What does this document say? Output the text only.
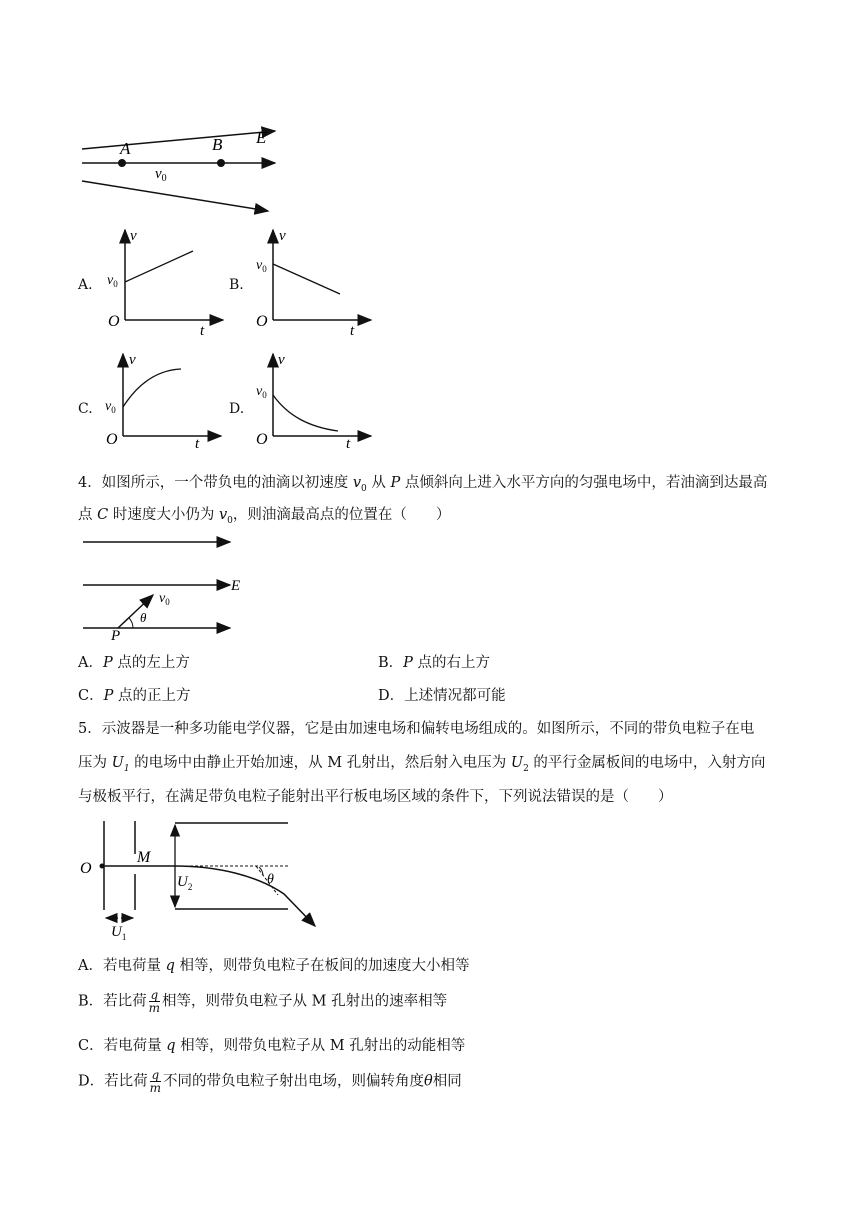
A	B E
$v_0$
A.
v
t
O
$v_0$	B.
v
t
O
$v_0$
C.
v
t
O
$v_0$	D.
v
t
O
$v_0$
4．如图所示，一个带负电的油滴以初速度 $v_0$ 从 P 点倾斜向上进入水平方向的匀强电场中，若油滴到达最高
点 C 时速度大小仍为 $v_0$，则油滴最高点的位置在（　　）
E
$v_0$
θ
P
A．P 点的左上方	B．P 点的右上方
C．P 点的正上方	D．上述情况都可能
5．示波器是一种多功能电学仪器，它是由加速电场和偏转电场组成的。如图所示，不同的带负电粒子在电
压为 $U_1$ 的电场中由静止开始加速，从 M 孔射出，然后射入电压为 $U_2$ 的平行金属板间的电场中，入射方向
与极板平行，在满足带负电粒子能射出平行板电场区域的条件下，下列说法错误的是（　　）
O
M
$U_2$
$U_1$
θ
A．若电荷量 q 相等，则带负电粒子在板间的加速度大小相等
B．若比荷 $\frac{q}{m}$ 相等，则带负电粒子从 M 孔射出的速率相等
C．若电荷量 q 相等，则带负电粒子从 M 孔射出的动能相等
D．若比荷 $\frac{q}{m}$ 不同的带负电粒子射出电场，则偏转角度θ相同
